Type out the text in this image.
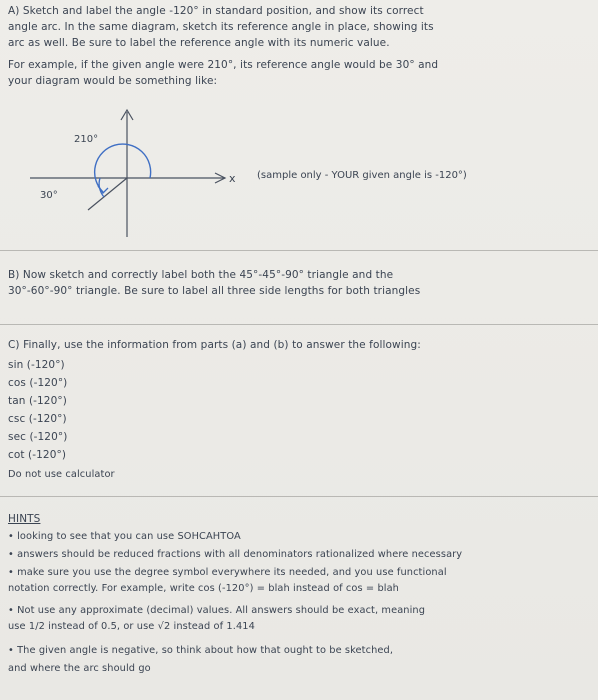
A) Sketch and label the angle -120° in standard position, and show its correct
angle arc. In the same diagram, sketch its reference angle in place, showing its
arc as well. Be sure to label the reference angle with its numeric value.
For example, if the given angle were 210°, its reference angle would be 30° and
your diagram would be something like:
210°
30°
x (sample only - YOUR given angle is -120°)
B) Now sketch and correctly label both the 45°-45°-90° triangle and the
30°-60°-90° triangle. Be sure to label all three side lengths for both triangles
C) Finally, use the information from parts (a) and (b) to answer the following:
sin (-120°)
cos (-120°)
tan (-120°)
csc (-120°)
sec (-120°)
cot (-120°)
Do not use calculator
HINTS
• looking to see that you can use SOHCAHTOA
• answers should be reduced fractions with all denominators rationalized where necessary
• make sure you use the degree symbol everywhere its needed, and you use functional
notation correctly. For example, write cos (-120°) = blah instead of cos = blah
• Not use any approximate (decimal) values. All answers should be exact, meaning
use 1/2 instead of 0.5, or use √2 instead of 1.414
• The given angle is negative, so think about how that ought to be sketched,
and where the arc should go
